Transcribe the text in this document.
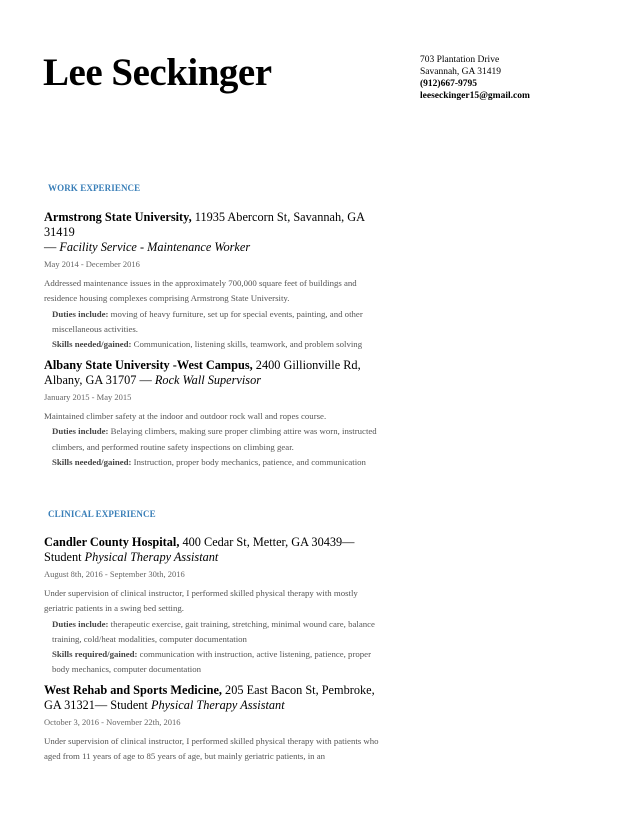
Lee Seckinger	703 Plantation Drive
Savannah, GA 31419
(912)667-9795
leeseckinger15@gmail.com
WORK EXPERIENCE
Armstrong State University, 11935 Abercorn St, Savannah, GA 31419
— Facility Service - Maintenance Worker
May 2014 - December 2016
Addressed maintenance issues in the approximately 700,000 square feet of buildings and residence housing complexes comprising Armstrong State University.
Duties include: moving of heavy furniture, set up for special events, painting, and other miscellaneous activities.
Skills needed/gained: Communication, listening skills, teamwork, and problem solving
Albany State University -West Campus, 2400 Gillionville Rd, Albany, GA 31707 — Rock Wall Supervisor
January 2015 - May 2015
Maintained climber safety at the indoor and outdoor rock wall and ropes course.
Duties include: Belaying climbers, making sure proper climbing attire was worn, instructed climbers, and performed routine safety inspections on climbing gear.
Skills needed/gained: Instruction, proper body mechanics, patience, and communication
CLINICAL EXPERIENCE
Candler County Hospital, 400 Cedar St, Metter, GA 30439— Student Physical Therapy Assistant
August 8th, 2016 - September 30th, 2016
Under supervision of clinical instructor, I performed skilled physical therapy with mostly geriatric patients in a swing bed setting.
Duties include: therapeutic exercise, gait training, stretching, minimal wound care, balance training, cold/heat modalities, computer documentation
Skills required/gained: communication with instruction, active listening, patience, proper body mechanics, computer documentation
West Rehab and Sports Medicine, 205 East Bacon St, Pembroke, GA 31321— Student Physical Therapy Assistant
October 3, 2016 - November 22th, 2016
Under supervision of clinical instructor, I performed skilled physical therapy with patients who aged from 11 years of age to 85 years of age, but mainly geriatric patients, in an
